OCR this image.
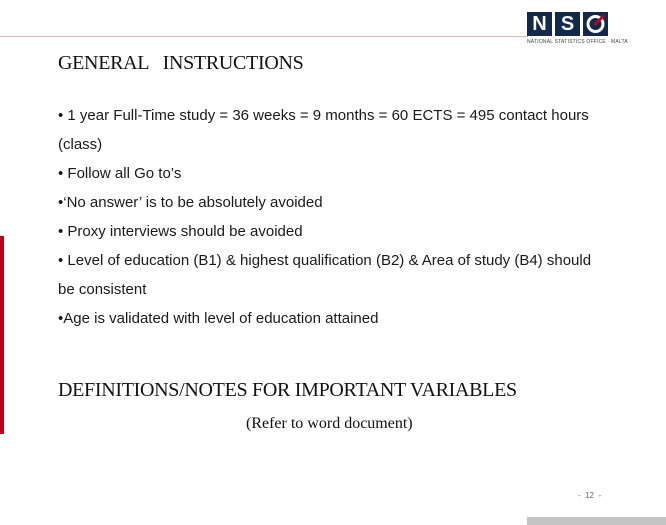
N S
NATIONAL STATISTICS OFFICE · MALTA
GENERAL   INSTRUCTIONS
• 1 year Full-Time study = 36 weeks = 9 months = 60 ECTS = 495 contact hours (class)
• Follow all Go to’s
•‘No answer’ is to be absolutely avoided
• Proxy interviews should be avoided
• Level of education (B1) & highest qualification (B2) & Area of study (B4) should be consistent
•Age is validated with level of education attained
DEFINITIONS/NOTES FOR IMPORTANT VARIABLES

(Refer to word document)

-  12  -
